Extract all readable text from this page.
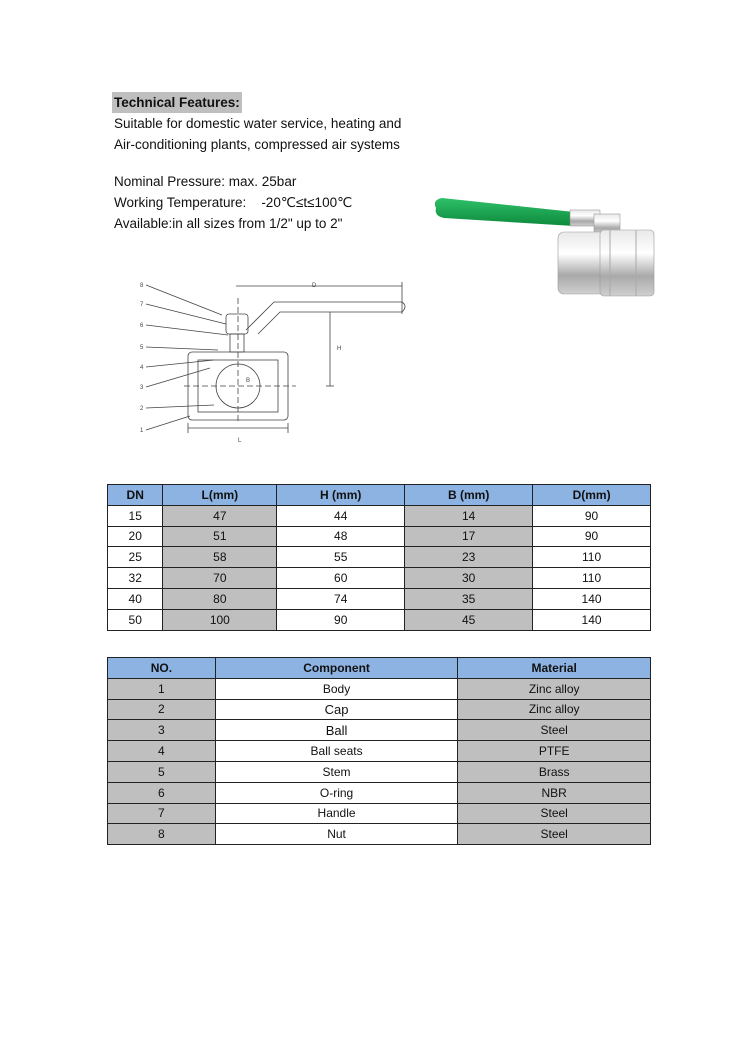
Technical Features:

Suitable for domestic water service, heating and

Air-conditioning plants, compressed air systems

Nominal Pressure: max. 25bar

Working Temperature:    -20℃≤t≤100℃

Available:in all sizes from 1/2" up to 2"

8
7
6
5
4
3
2
1
D
H
L
B
DN	L(mm)	H (mm)	B (mm)	D(mm)
15	47	44	14	90
20	51	48	17	90
25	58	55	23	110
32	70	60	30	110
40	80	74	35	140
50	100	90	45	140
NO.	Component	Material
1	Body	Zinc alloy
2	Cap	Zinc alloy
3	Ball	Steel
4	Ball seats	PTFE
5	Stem	Brass
6	O-ring	NBR
7	Handle	Steel
8	Nut	Steel
